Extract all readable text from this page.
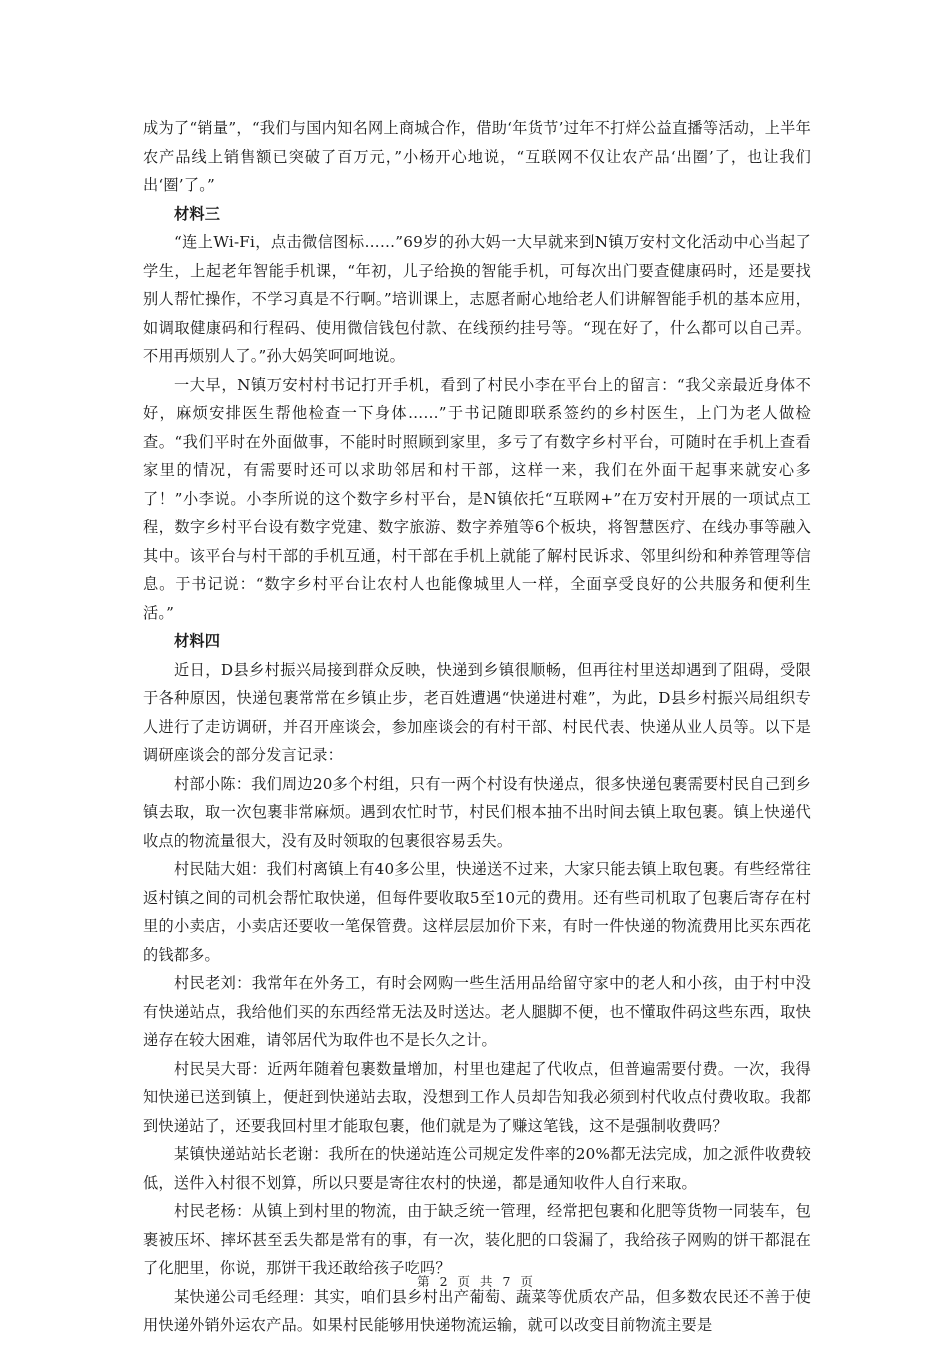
成为了“销量”，“我们与国内知名网上商城合作，借助‘年货节’过年不打烊公益直播等活动，上半年农产品线上销售额已突破了百万元，”小杨开心地说，“互联网不仅让农产品‘出圈’了，也让我们出‘圈’了。”

材料三

“连上Wi-Fi，点击微信图标……”69岁的孙大妈一大早就来到N镇万安村文化活动中心当起了学生，上起老年智能手机课，“年初，儿子给换的智能手机，可每次出门要查健康码时，还是要找别人帮忙操作，不学习真是不行啊。”培训课上，志愿者耐心地给老人们讲解智能手机的基本应用，如调取健康码和行程码、使用微信钱包付款、在线预约挂号等。“现在好了，什么都可以自己弄。不用再烦别人了。”孙大妈笑呵呵地说。

一大早，N镇万安村村书记打开手机，看到了村民小李在平台上的留言：“我父亲最近身体不好，麻烦安排医生帮他检查一下身体……”于书记随即联系签约的乡村医生，上门为老人做检查。“我们平时在外面做事，不能时时照顾到家里，多亏了有数字乡村平台，可随时在手机上查看家里的情况，有需要时还可以求助邻居和村干部，这样一来，我们在外面干起事来就安心多了！”小李说。小李所说的这个数字乡村平台，是N镇依托“互联网+”在万安村开展的一项试点工程，数字乡村平台设有数字党建、数字旅游、数字养殖等6个板块，将智慧医疗、在线办事等融入其中。该平台与村干部的手机互通，村干部在手机上就能了解村民诉求、邻里纠纷和种养管理等信息。于书记说：“数字乡村平台让农村人也能像城里人一样，全面享受良好的公共服务和便利生活。”

材料四

近日，D县乡村振兴局接到群众反映，快递到乡镇很顺畅，但再往村里送却遇到了阻碍，受限于各种原因，快递包裹常常在乡镇止步，老百姓遭遇“快递进村难”，为此，D县乡村振兴局组织专人进行了走访调研，并召开座谈会，参加座谈会的有村干部、村民代表、快递从业人员等。以下是调研座谈会的部分发言记录：

村部小陈：我们周边20多个村组，只有一两个村设有快递点，很多快递包裹需要村民自己到乡镇去取，取一次包裹非常麻烦。遇到农忙时节，村民们根本抽不出时间去镇上取包裹。镇上快递代收点的物流量很大，没有及时领取的包裹很容易丢失。

村民陆大姐：我们村离镇上有40多公里，快递送不过来，大家只能去镇上取包裹。有些经常往返村镇之间的司机会帮忙取快递，但每件要收取5至10元的费用。还有些司机取了包裹后寄存在村里的小卖店，小卖店还要收一笔保管费。这样层层加价下来，有时一件快递的物流费用比买东西花的钱都多。

村民老刘：我常年在外务工，有时会网购一些生活用品给留守家中的老人和小孩，由于村中没有快递站点，我给他们买的东西经常无法及时送达。老人腿脚不便，也不懂取件码这些东西，取快递存在较大困难，请邻居代为取件也不是长久之计。

村民吴大哥：近两年随着包裹数量增加，村里也建起了代收点，但普遍需要付费。一次，我得知快递已送到镇上，便赶到快递站去取，没想到工作人员却告知我必须到村代收点付费收取。我都到快递站了，还要我回村里才能取包裹，他们就是为了赚这笔钱，这不是强制收费吗？

某镇快递站站长老谢：我所在的快递站连公司规定发件率的20%都无法完成，加之派件收费较低，送件入村很不划算，所以只要是寄往农村的快递，都是通知收件人自行来取。

村民老杨：从镇上到村里的物流，由于缺乏统一管理，经常把包裹和化肥等货物一同装车，包裹被压坏、摔坏甚至丢失都是常有的事，有一次，装化肥的口袋漏了，我给孩子网购的饼干都混在了化肥里，你说，那饼干我还敢给孩子吃吗？

某快递公司毛经理：其实，咱们县乡村出产葡萄、蔬菜等优质农产品，但多数农民还不善于使用快递外销外运农产品。如果村民能够用快递物流运输，就可以改变目前物流主要是

第 2 页 共 7 页
